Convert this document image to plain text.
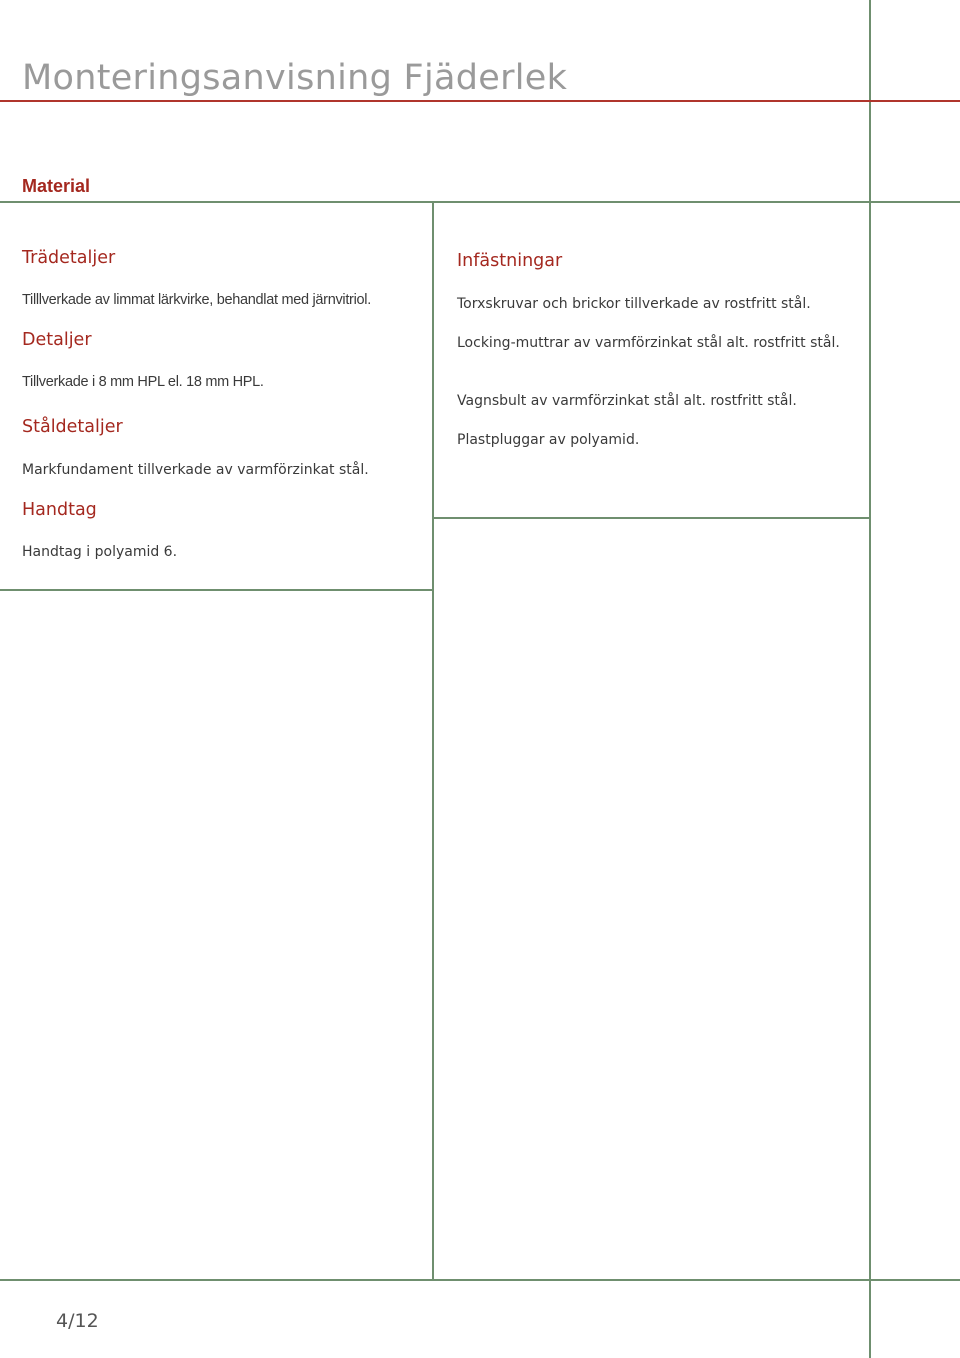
Monteringsanvisning Fjäderlek
Material
Trädetaljer
Tilllverkade av limmat lärkvirke, behandlat med järnvitriol.
Detaljer
Tillverkade i 8 mm HPL el. 18 mm HPL.
Ståldetaljer
Markfundament tillverkade av varmförzinkat stål.
Handtag
Handtag i polyamid 6.
Infästningar
Torxskruvar och brickor tillverkade av rostfritt stål.
Locking-muttrar av varmförzinkat stål alt. rostfritt stål.
Vagnsbult av varmförzinkat stål alt. rostfritt stål.
Plastpluggar av polyamid.
4/12
